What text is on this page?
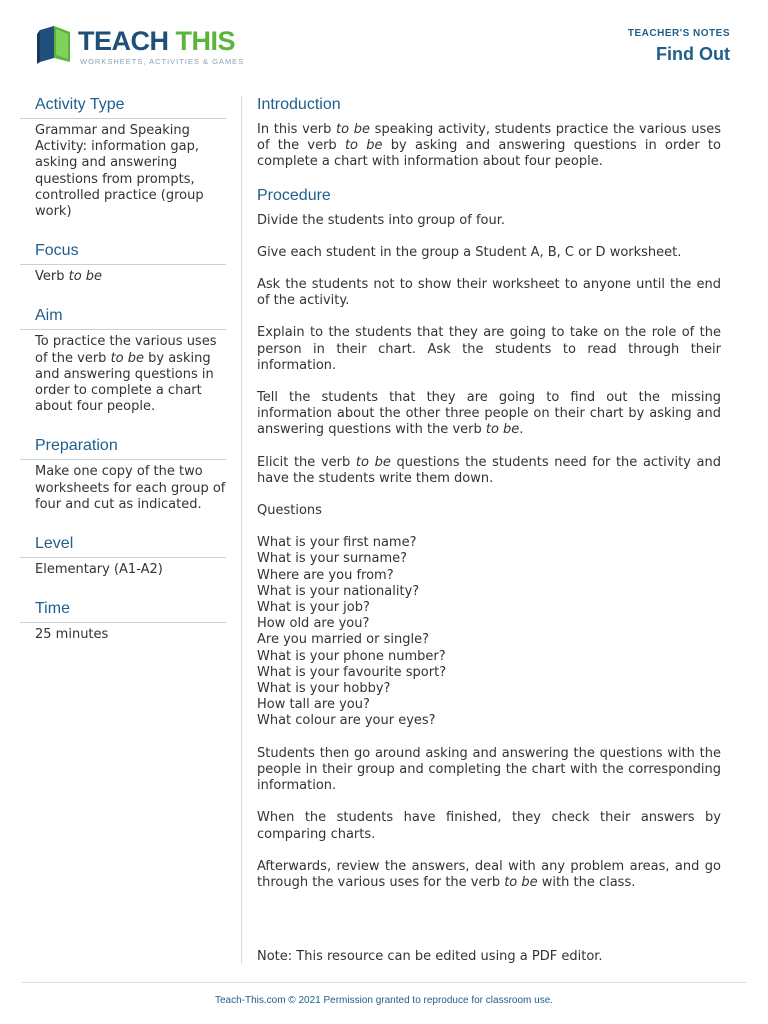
TEACH THIS
WORKSHEETS, ACTIVITIES & GAMES
TEACHER'S NOTES
Find Out
Activity Type
Grammar and Speaking Activity: information gap, asking and answering questions from prompts, controlled practice (group work)
Focus
Verb to be
Aim
To practice the various uses of the verb to be by asking and answering questions in order to complete a chart about four people.
Preparation
Make one copy of the two worksheets for each group of four and cut as indicated.
Level
Elementary (A1-A2)
Time
25 minutes
Introduction

In this verb to be speaking activity, students practice the various uses of the verb to be by asking and answering questions in order to complete a chart with information about four people.

Procedure

Divide the students into group of four.

Give each student in the group a Student A, B, C or D worksheet.

Ask the students not to show their worksheet to anyone until the end of the activity.

Explain to the students that they are going to take on the role of the person in their chart. Ask the students to read through their information.

Tell the students that they are going to find out the missing information about the other three people on their chart by asking and answering questions with the verb to be.

Elicit the verb to be questions the students need for the activity and have the students write them down.

Questions

What is your first name?
What is your surname?
Where are you from?
What is your nationality?
What is your job?
How old are you?
Are you married or single?
What is your phone number?
What is your favourite sport?
What is your hobby?
How tall are you?
What colour are your eyes?

Students then go around asking and answering the questions with the people in their group and completing the chart with the corresponding information.

When the students have finished, they check their answers by comparing charts.

Afterwards, review the answers, deal with any problem areas, and go through the various uses for the verb to be with the class.

Note: This resource can be edited using a PDF editor.
Teach-This.com © 2021 Permission granted to reproduce for classroom use.
